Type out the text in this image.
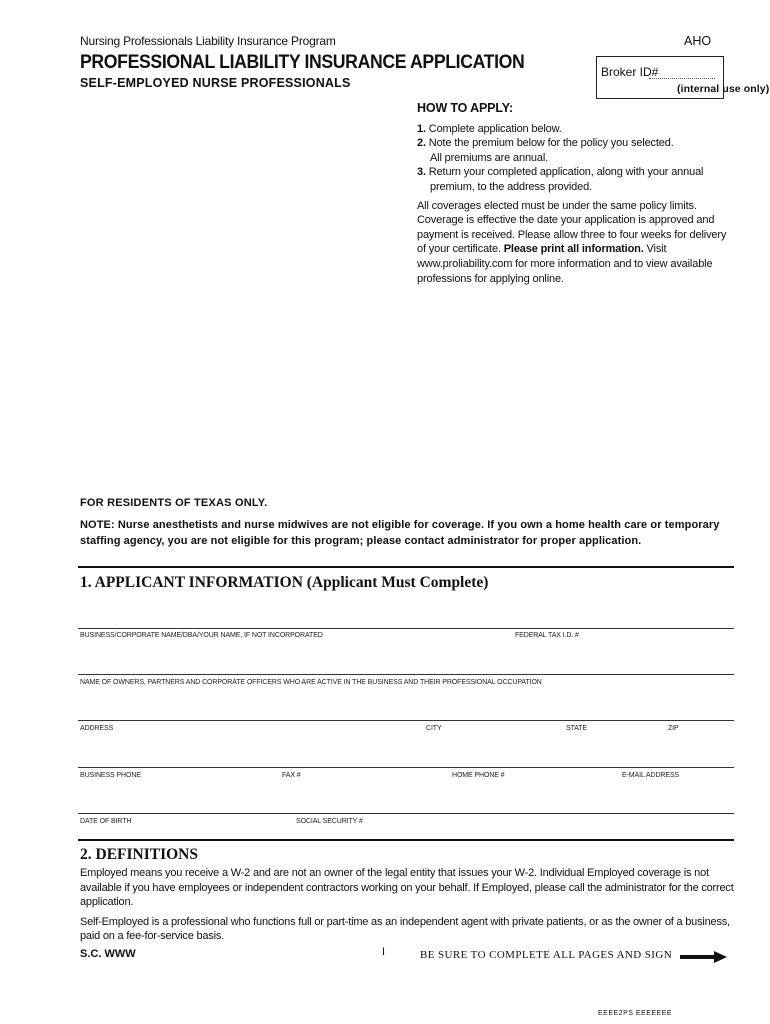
Nursing Professionals Liability Insurance Program	AHO
PROFESSIONAL LIABILITY INSURANCE APPLICATION
SELF-EMPLOYED NURSE PROFESSIONALS
Broker ID#
(internal use only)
HOW TO APPLY:
1. Complete application below.
2. Note the premium below for the policy you selected.
All premiums are annual.
3. Return your completed application, along with your annual
premium, to the address provided.
All coverages elected must be under the same policy limits. Coverage is effective the date your application is approved and payment is received. Please allow three to four weeks for delivery of your certificate. Please print all information. Visit www.proliability.com for more information and to view available professions for applying online.
FOR RESIDENTS OF TEXAS ONLY.
NOTE: Nurse anesthetists and nurse midwives are not eligible for coverage. If you own a home health care or temporary staffing agency, you are not eligible for this program; please contact administrator for proper application.
1. APPLICANT INFORMATION (Applicant Must Complete)
BUSINESS/CORPORATE NAME/DBA/YOUR NAME, IF NOT INCORPORATED	FEDERAL TAX I.D. #
NAME OF OWNERS, PARTNERS AND CORPORATE OFFICERS WHO ARE ACTIVE IN THE BUSINESS AND THEIR PROFESSIONAL OCCUPATION
ADDRESS	CITY	STATE	ZIP
BUSINESS PHONE	FAX #	HOME PHONE #	E-MAIL ADDRESS
DATE OF BIRTH	SOCIAL SECURITY #
2. DEFINITIONS

Employed means you receive a W-2 and are not an owner of the legal entity that issues your W-2. Individual Employed coverage is not available if you have employees or independent contractors working on your behalf. If Employed, please call the administrator for the correct application.

Self-Employed is a professional who functions full or part-time as an independent agent with private patients, or as the owner of a business, paid on a fee-for-service basis.

S.C. WWW	I	BE SURE TO COMPLETE ALL PAGES AND SIGN
EEEE2PS EEEEEEE
